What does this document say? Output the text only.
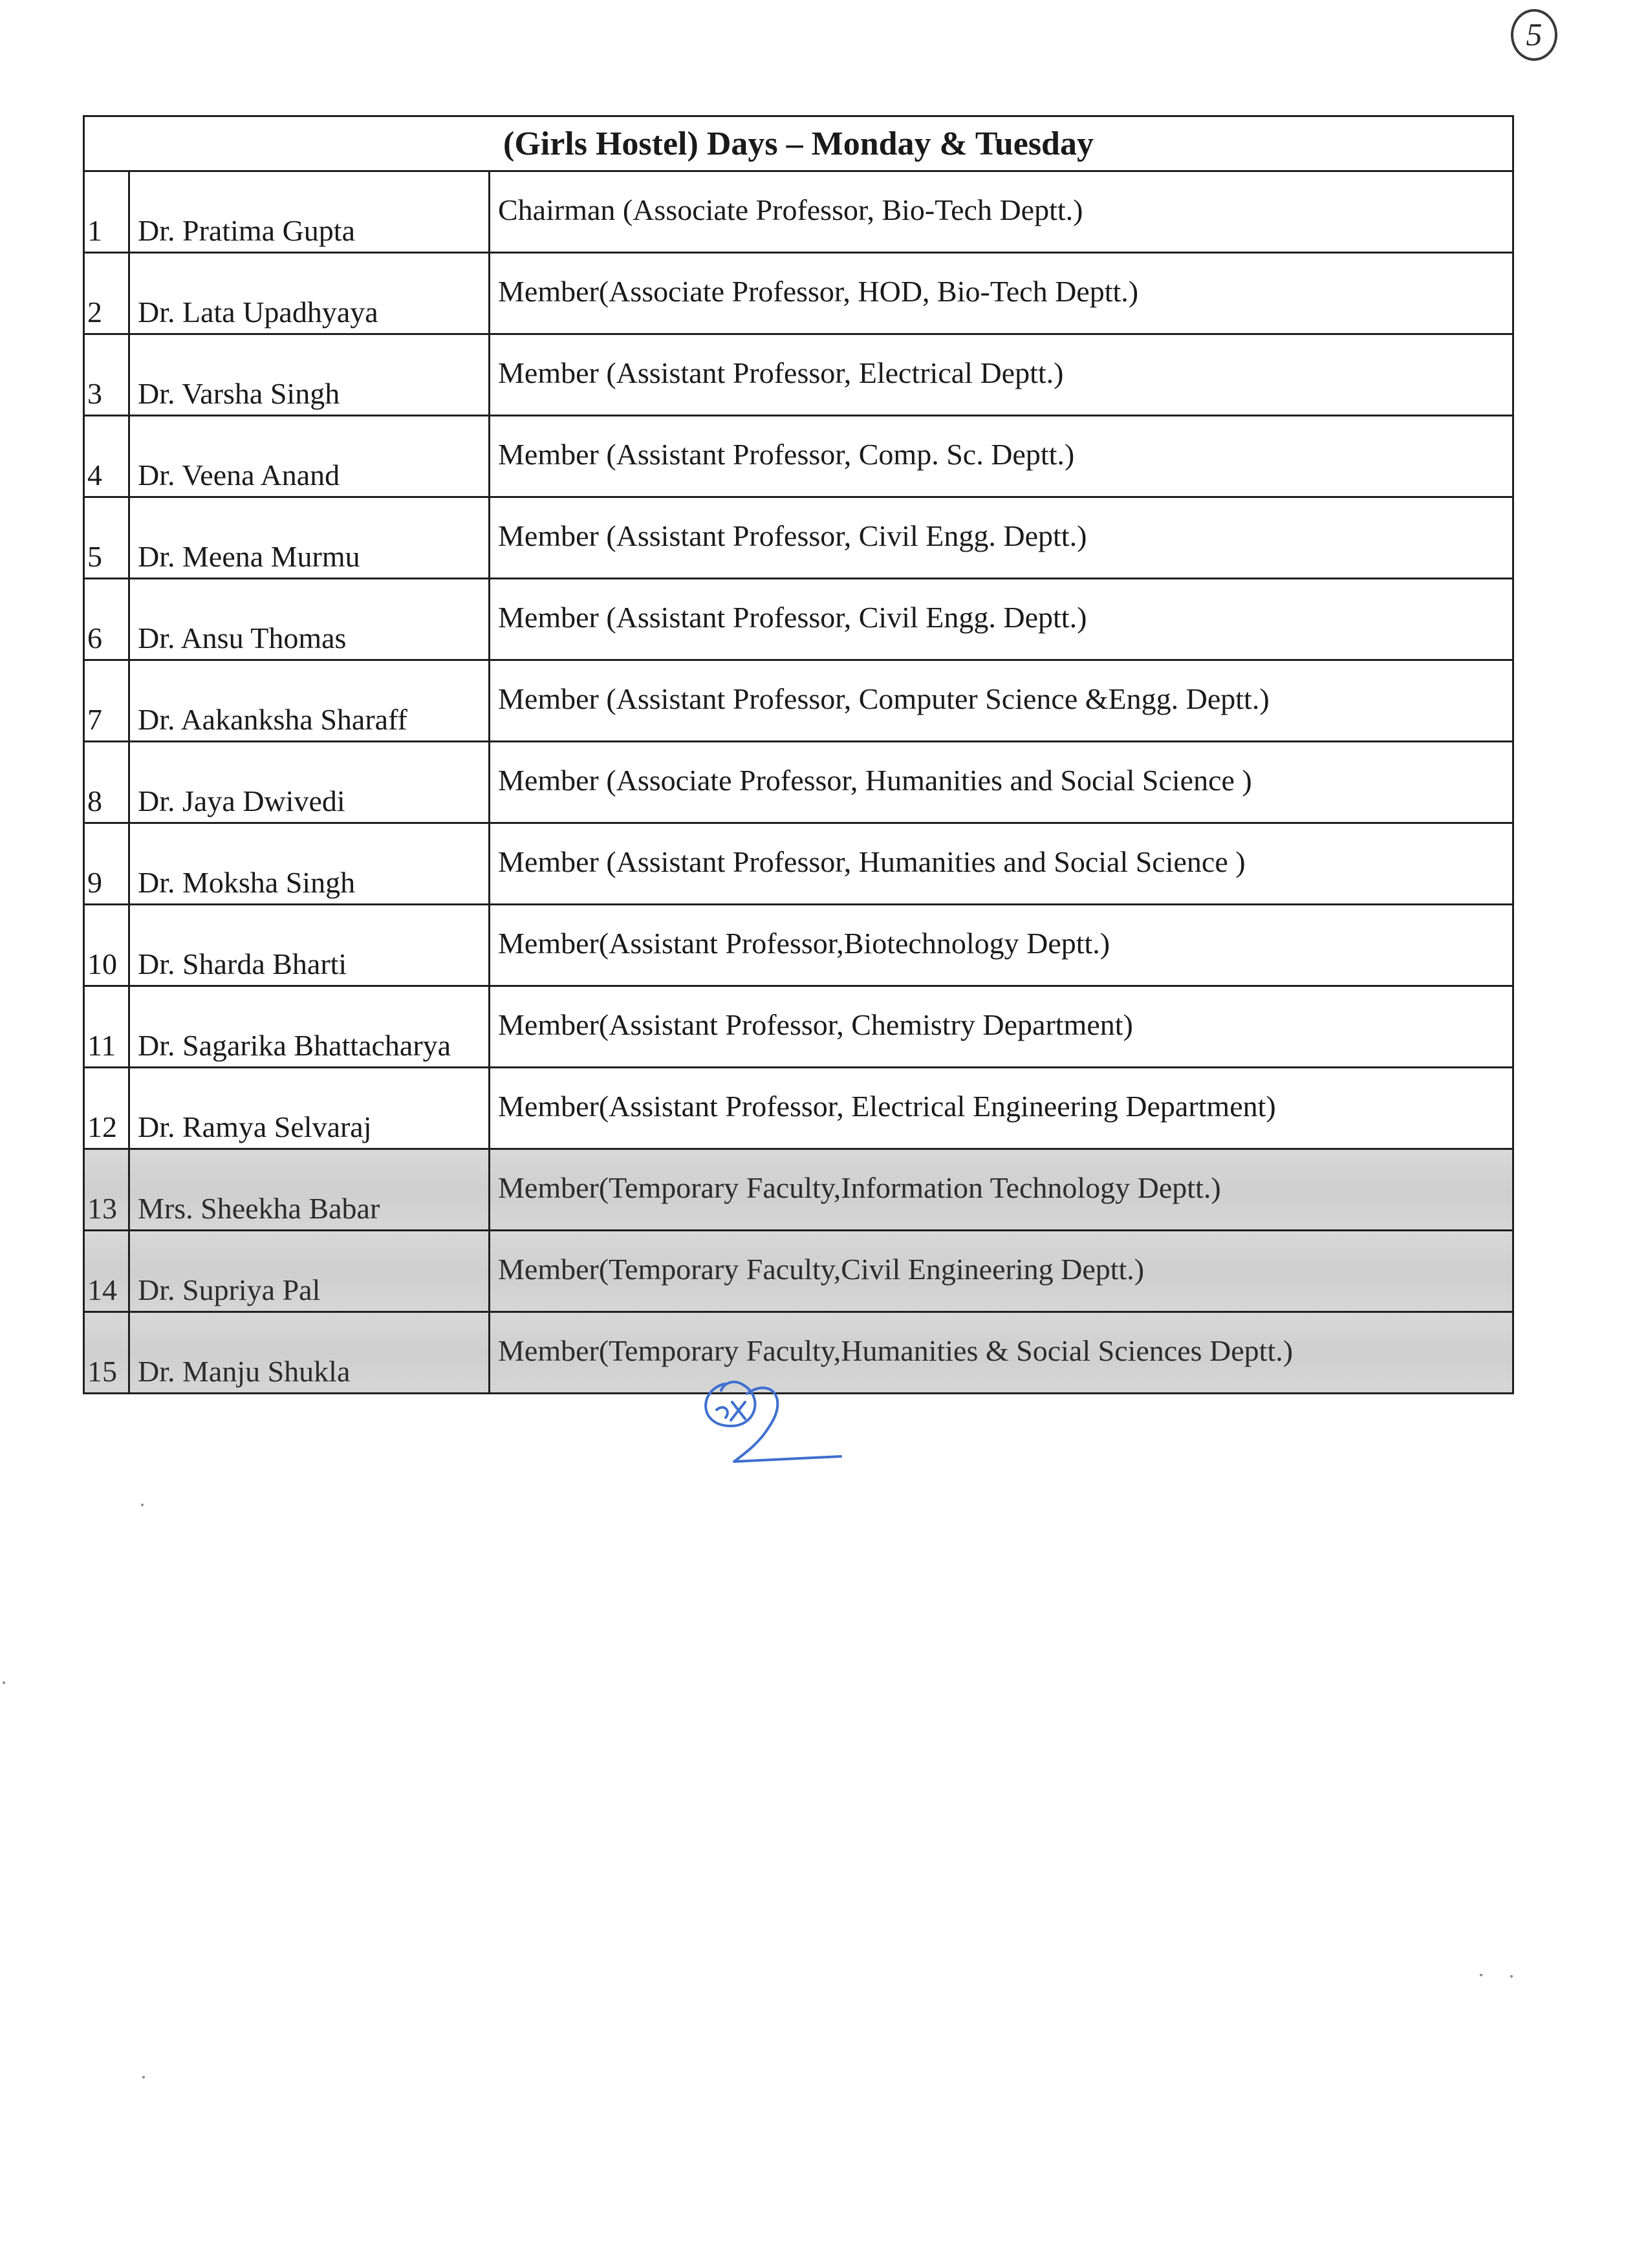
5
(Girls Hostel) Days – Monday & Tuesday		
1	Dr. Pratima Gupta	Chairman (Associate Professor, Bio-Tech Deptt.)
2	Dr. Lata Upadhyaya	Member(Associate Professor, HOD, Bio-Tech Deptt.)
3	Dr. Varsha Singh	Member (Assistant Professor, Electrical Deptt.)
4	Dr. Veena Anand	Member (Assistant Professor, Comp. Sc. Deptt.)
5	Dr. Meena Murmu	Member (Assistant Professor, Civil Engg. Deptt.)
6	Dr. Ansu Thomas	Member (Assistant Professor, Civil Engg. Deptt.)
7	Dr. Aakanksha Sharaff	Member (Assistant Professor, Computer Science &Engg. Deptt.)
8	Dr. Jaya Dwivedi	Member (Associate Professor, Humanities and Social Science )
9	Dr. Moksha Singh	Member (Assistant Professor, Humanities and Social Science )
10	Dr. Sharda Bharti	Member(Assistant Professor,Biotechnology Deptt.)
11	Dr. Sagarika Bhattacharya	Member(Assistant Professor, Chemistry Department)
12	Dr. Ramya Selvaraj	Member(Assistant Professor, Electrical Engineering Department)
13	Mrs. Sheekha Babar	Member(Temporary Faculty,Information Technology Deptt.)
14	Dr. Supriya Pal	Member(Temporary Faculty,Civil Engineering Deptt.)
15	Dr. Manju Shukla	Member(Temporary Faculty,Humanities & Social Sciences Deptt.)
